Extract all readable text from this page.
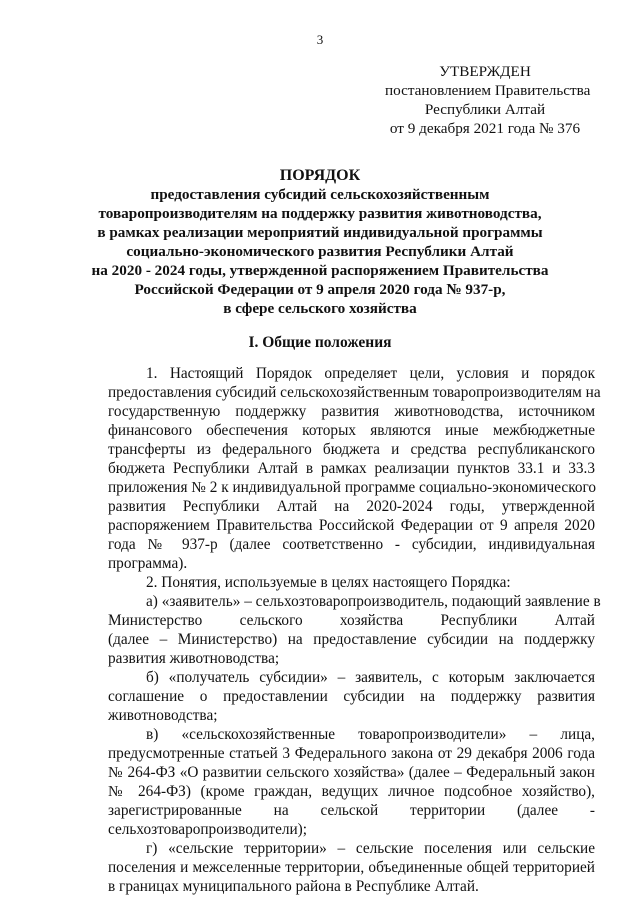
3
УТВЕРЖДЕН
постановлением Правительства
Республики Алтай
от 9 декабря 2021 года № 376
ПОРЯДОК
предоставления субсидий сельскохозяйственным
товаропроизводителям на поддержку развития животноводства,
в рамках реализации мероприятий индивидуальной программы
социально-экономического развития Республики Алтай
на 2020 - 2024 годы, утвержденной распоряжением Правительства
Российской Федерации от 9 апреля 2020 года № 937-р,
в сфере сельского хозяйства
I. Общие положения
1. Настоящий Порядок определяет цели, условия и порядок
предоставления субсидий сельскохозяйственным товаропроизводителям на
государственную поддержку развития животноводства, источником
финансового обеспечения которых являются иные межбюджетные
трансферты из федерального бюджета и средства республиканского
бюджета Республики Алтай в рамках реализации пунктов 33.1 и 33.3
приложения № 2 к индивидуальной программе социально-экономического
развития Республики Алтай на 2020-2024 годы, утвержденной
распоряжением Правительства Российской Федерации от 9 апреля 2020
года № 937-р (далее соответственно - субсидии, индивидуальная
программа).
2. Понятия, используемые в целях настоящего Порядка:
а) «заявитель» – сельхозтоваропроизводитель, подающий заявление в
Министерство сельского хозяйства Республики Алтай
(далее – Министерство) на предоставление субсидии на поддержку
развития животноводства;
б) «получатель субсидии» – заявитель, с которым заключается
соглашение о предоставлении субсидии на поддержку развития
животноводства;
в) «сельскохозяйственные товаропроизводители» – лица,
предусмотренные статьей 3 Федерального закона от 29 декабря 2006 года
№ 264-ФЗ «О развитии сельского хозяйства» (далее – Федеральный закон
№ 264-ФЗ) (кроме граждан, ведущих личное подсобное хозяйство),
зарегистрированные на сельской территории (далее -
сельхозтоваропроизводители);
г) «сельские территории» – сельские поселения или сельские
поселения и межселенные территории, объединенные общей территорией
в границах муниципального района в Республике Алтай.
